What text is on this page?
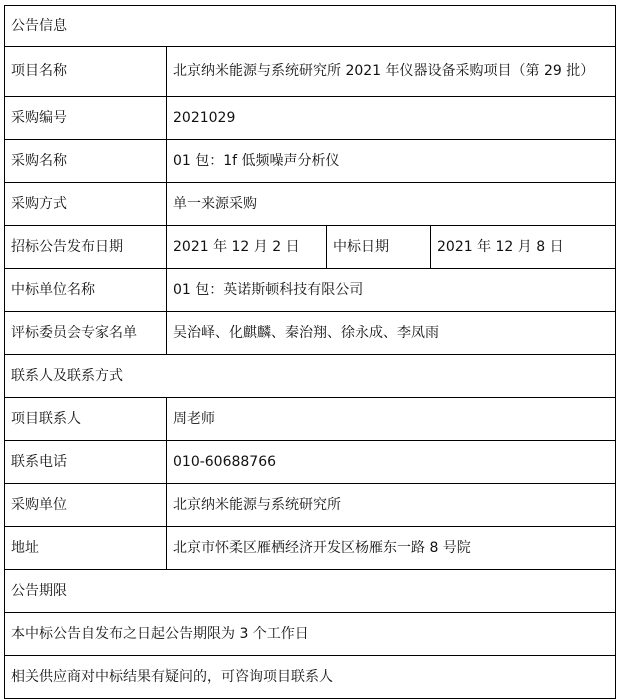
公告信息			
项目名称	北京纳米能源与系统研究所 2021 年仪器设备采购项目（第 29 批）		
采购编号	2021029		
采购名称	01 包：1f 低频噪声分析仪		
采购方式	单一来源采购		
招标公告发布日期	2021 年 12 月 2 日	中标日期	2021 年 12 月 8 日
中标单位名称	01 包：英诺斯顿科技有限公司		
评标委员会专家名单	吴治峄、化麒麟、秦治翔、徐永成、李凤雨		
联系人及联系方式			
项目联系人	周老师		
联系电话	010-60688766		
采购单位	北京纳米能源与系统研究所		
地址	北京市怀柔区雁栖经济开发区杨雁东一路 8 号院		
公告期限			
本中标公告自发布之日起公告期限为 3 个工作日			
相关供应商对中标结果有疑问的，可咨询项目联系人			
